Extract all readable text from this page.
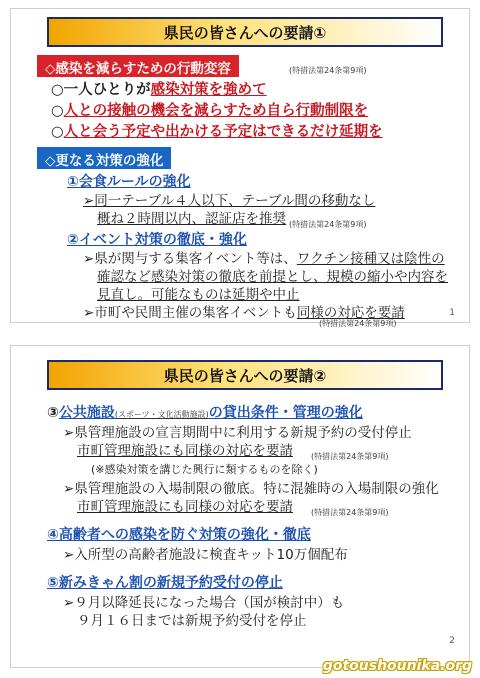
県民の皆さんへの要請①
◇感染を減らすための行動変容	(特措法第24条第9項)
○一人ひとりが感染対策を強めて
○人との接触の機会を減らすため自ら行動制限を
○人と会う予定や出かける予定はできるだけ延期を
◇更なる対策の強化
①会食ルールの強化
➢同一テーブル４人以下、テーブル間の移動なし
概ね２時間以内、認証店を推奨 (特措法第24条第9項)
②イベント対策の徹底・強化
➢県が関与する集客イベント等は、ワクチン接種又は陰性の
確認など感染対策の徹底を前提とし、規模の縮小や内容を
見直し。可能なものは延期や中止
➢市町や民間主催の集客イベントも同様の対応を要請
(特措法第24条第9項)
1
県民の皆さんへの要請②
③公共施設(スポーツ・文化活動施設)の貸出条件・管理の強化
➢県管理施設の宣言期間中に利用する新規予約の受付停止
市町管理施設にも同様の対応を要請 (特措法第24条第9項)
(※感染対策を講じた興行に類するものを除く)
➢県管理施設の入場制限の徹底。特に混雑時の入場制限の強化
市町管理施設にも同様の対応を要請 (特措法第24条第9項)
④高齢者への感染を防ぐ対策の強化・徹底
➢入所型の高齢者施設に検査キット10万個配布
⑤新みきゃん割の新規予約受付の停止
➢９月以降延長になった場合（国が検討中）も
９月１６日までは新規予約受付を停止
2
gotoushounika.org
